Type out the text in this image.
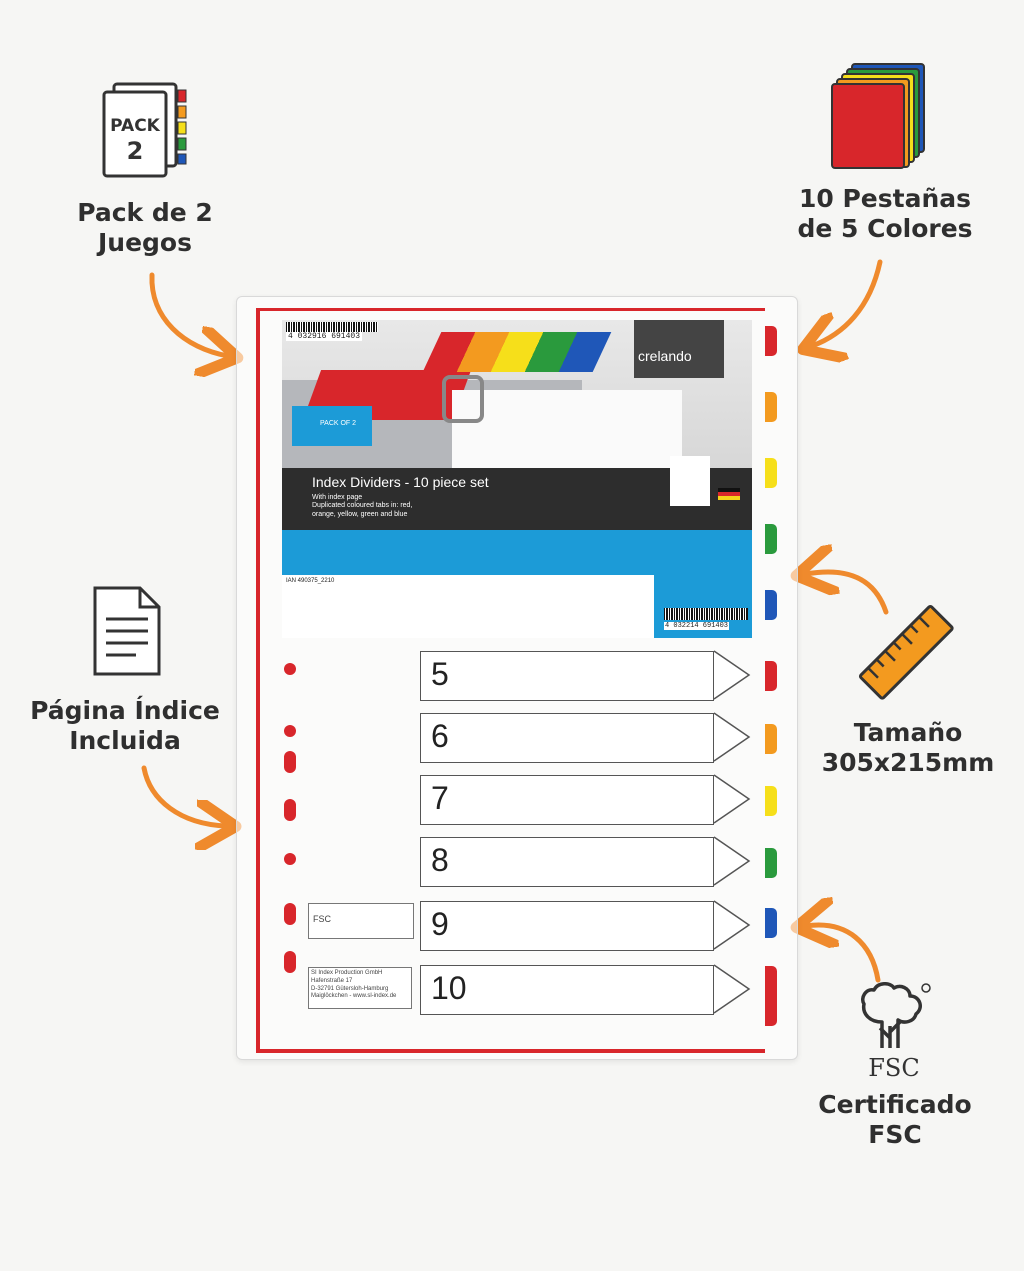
PACK
2
Pack de 2
Juegos
10 Pestañas
de 5 Colores
Página Índice
Incluida	Tamaño
305x215mm
FSC
Certificado
FSC
5
6
7
8
9
10
FSC
SI Index Production GmbH
Hafenstraße 17
D-32791 Gütersloh-Hamburg
Maiglöckchen - www.sl-index.de
4 032916 691403
crelando
PACK OF 2
Index Dividers - 10 piece set
With index page
Duplicated coloured tabs in: red,
orange, yellow, green and blue
IAN 490375_2210
4 032214 691403
